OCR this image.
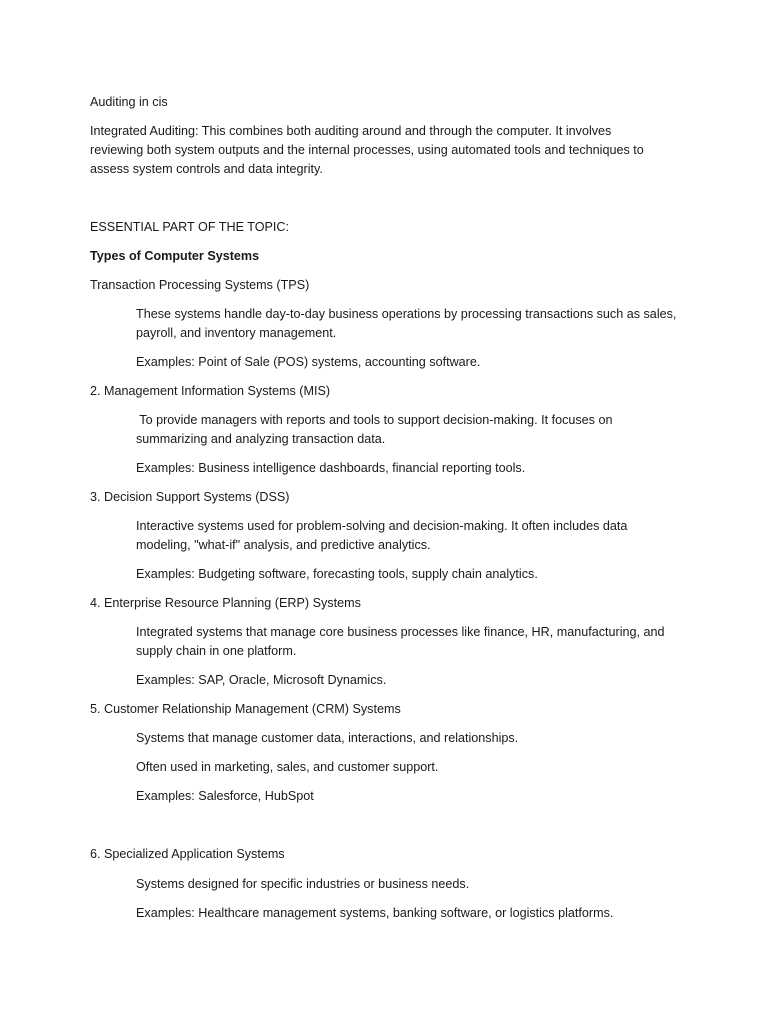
Auditing in cis
Integrated Auditing: This combines both auditing around and through the computer. It involves
reviewing both system outputs and the internal processes, using automated tools and techniques to
assess system controls and data integrity.
ESSENTIAL PART OF THE TOPIC:
Types of Computer Systems
Transaction Processing Systems (TPS)
These systems handle day-to-day business operations by processing transactions such as sales,
payroll, and inventory management.
Examples: Point of Sale (POS) systems, accounting software.
2. Management Information Systems (MIS)
To provide managers with reports and tools to support decision-making. It focuses on
summarizing and analyzing transaction data.
Examples: Business intelligence dashboards, financial reporting tools.
3. Decision Support Systems (DSS)
Interactive systems used for problem-solving and decision-making. It often includes data
modeling, "what-if" analysis, and predictive analytics.
Examples: Budgeting software, forecasting tools, supply chain analytics.
4. Enterprise Resource Planning (ERP) Systems
Integrated systems that manage core business processes like finance, HR, manufacturing, and
supply chain in one platform.
Examples: SAP, Oracle, Microsoft Dynamics.
5. Customer Relationship Management (CRM) Systems
Systems that manage customer data, interactions, and relationships.
Often used in marketing, sales, and customer support.
Examples: Salesforce, HubSpot
6. Specialized Application Systems
Systems designed for specific industries or business needs.
Examples: Healthcare management systems, banking software, or logistics platforms.
